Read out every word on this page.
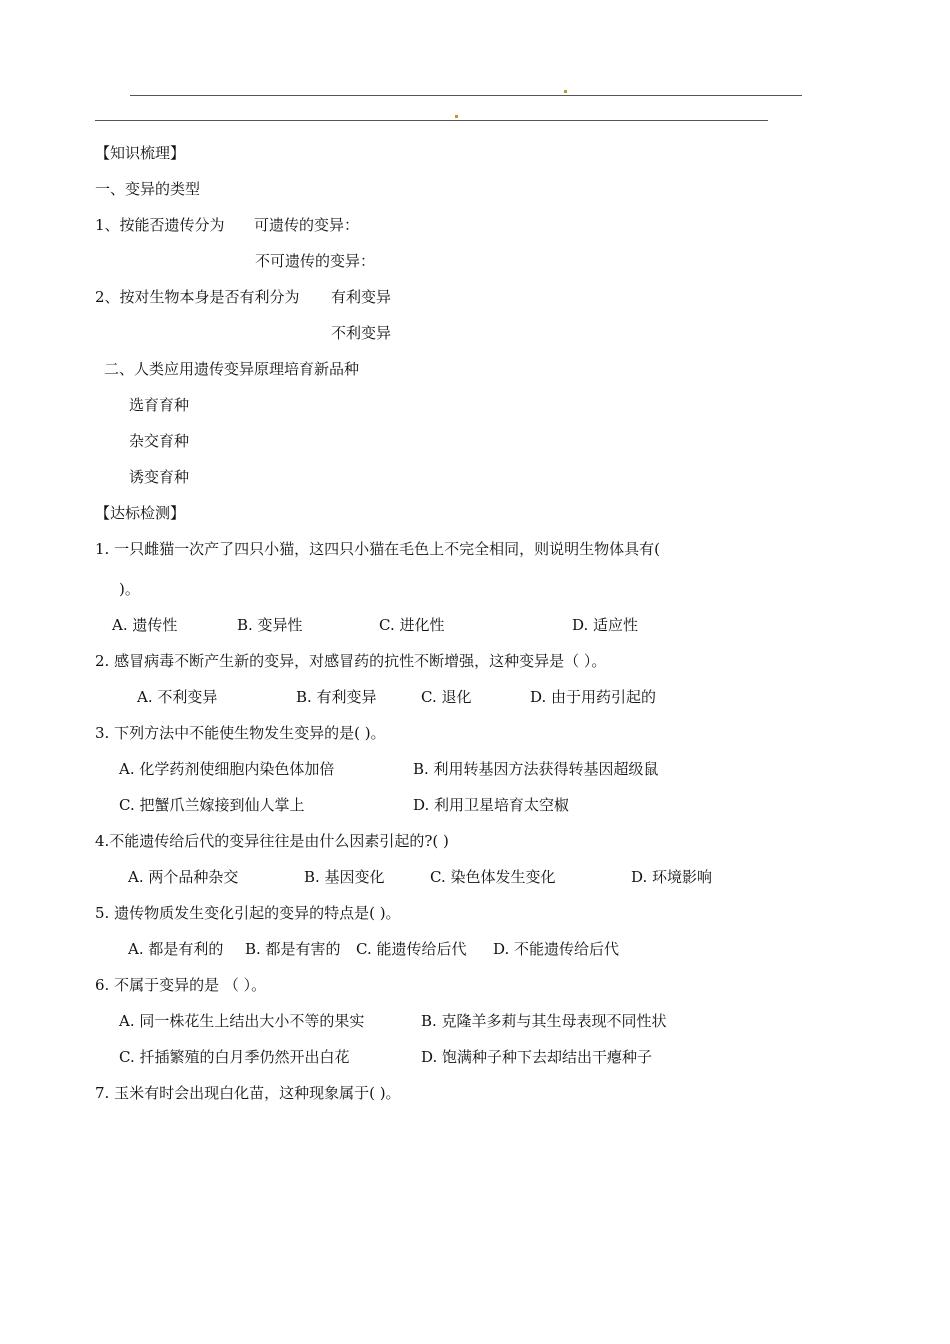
【知识梳理】
一、变异的类型
1、按能否遗传分为 可遗传的变异：
不可遗传的变异：
2、按对生物本身是否有利分为 有利变异
不利变异
二、人类应用遗传变异原理培育新品种
选育育种
杂交育种
诱变育种
【达标检测】
1. 一只雌猫一次产了四只小猫，这四只小猫在毛色上不完全相同，则说明生物体具有(
)。
A. 遗传性	B. 变异性	C. 进化性	D. 适应性
2. 感冒病毒不断产生新的变异，对感冒药的抗性不断增强，这种变异是（ ）。
A. 不利变异	B. 有利变异	C. 退化	D. 由于用药引起的
3. 下列方法中不能使生物发生变异的是( )。
A. 化学药剂使细胞内染色体加倍	B. 利用转基因方法获得转基因超级鼠
C. 把蟹爪兰嫁接到仙人掌上	D. 利用卫星培育太空椒
4.不能遗传给后代的变异往往是由什么因素引起的?( )
A. 两个品种杂交	B. 基因变化	C. 染色体发生变化	D. 环境影响
5. 遗传物质发生变化引起的变异的特点是( )。
A. 都是有利的 B. 都是有害的 C. 能遗传给后代 D. 不能遗传给后代
6. 不属于变异的是 （ ）。
A. 同一株花生上结出大小不等的果实	B. 克隆羊多莉与其生母表现不同性状
C. 扦插繁殖的白月季仍然开出白花	D. 饱满种子种下去却结出干瘪种子
7. 玉米有时会出现白化苗，这种现象属于( )。
